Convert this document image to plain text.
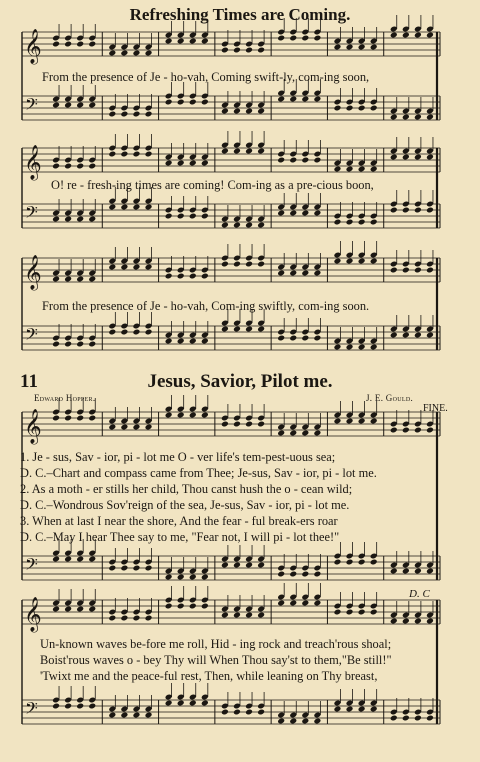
Refreshing Times are Coming.
𝄞
𝄢
𝄞
𝄢
𝄞
𝄢
𝄞
𝄢
𝄞
𝄢
From the presence of Je - ho-vah, Coming swift-ly, com-ing soon,
O! re - fresh-ing times are coming! Com-ing as a pre-cious boon,
From the presence of Je - ho-vah, Com-ing swiftly, com-ing soon.
11	Jesus, Savior, Pilot me.
Edward Hopper.	J. E. Gould.
FINE.
D. C
1. Je - sus, Sav - ior, pi - lot me O - ver life's tem-pest-uous sea;
D. C.–Chart and compass came from Thee; Je-sus, Sav - ior, pi - lot me.
2. As a moth - er stills her child, Thou canst hush the o - cean wild;
D. C.–Wondrous Sov'reign of the sea, Je-sus, Sav - ior, pi - lot me.
3. When at last I near the shore, And the fear - ful break-ers roar
D. C.–May I hear Thee say to me, "Fear not, I will pi - lot thee!"
Un-known waves be-fore me roll, Hid - ing rock and treach'rous shoal;
Boist'rous waves o - bey Thy will When Thou say'st to them,"Be still!"
'Twixt me and the peace-ful rest, Then, while leaning on Thy breast,
